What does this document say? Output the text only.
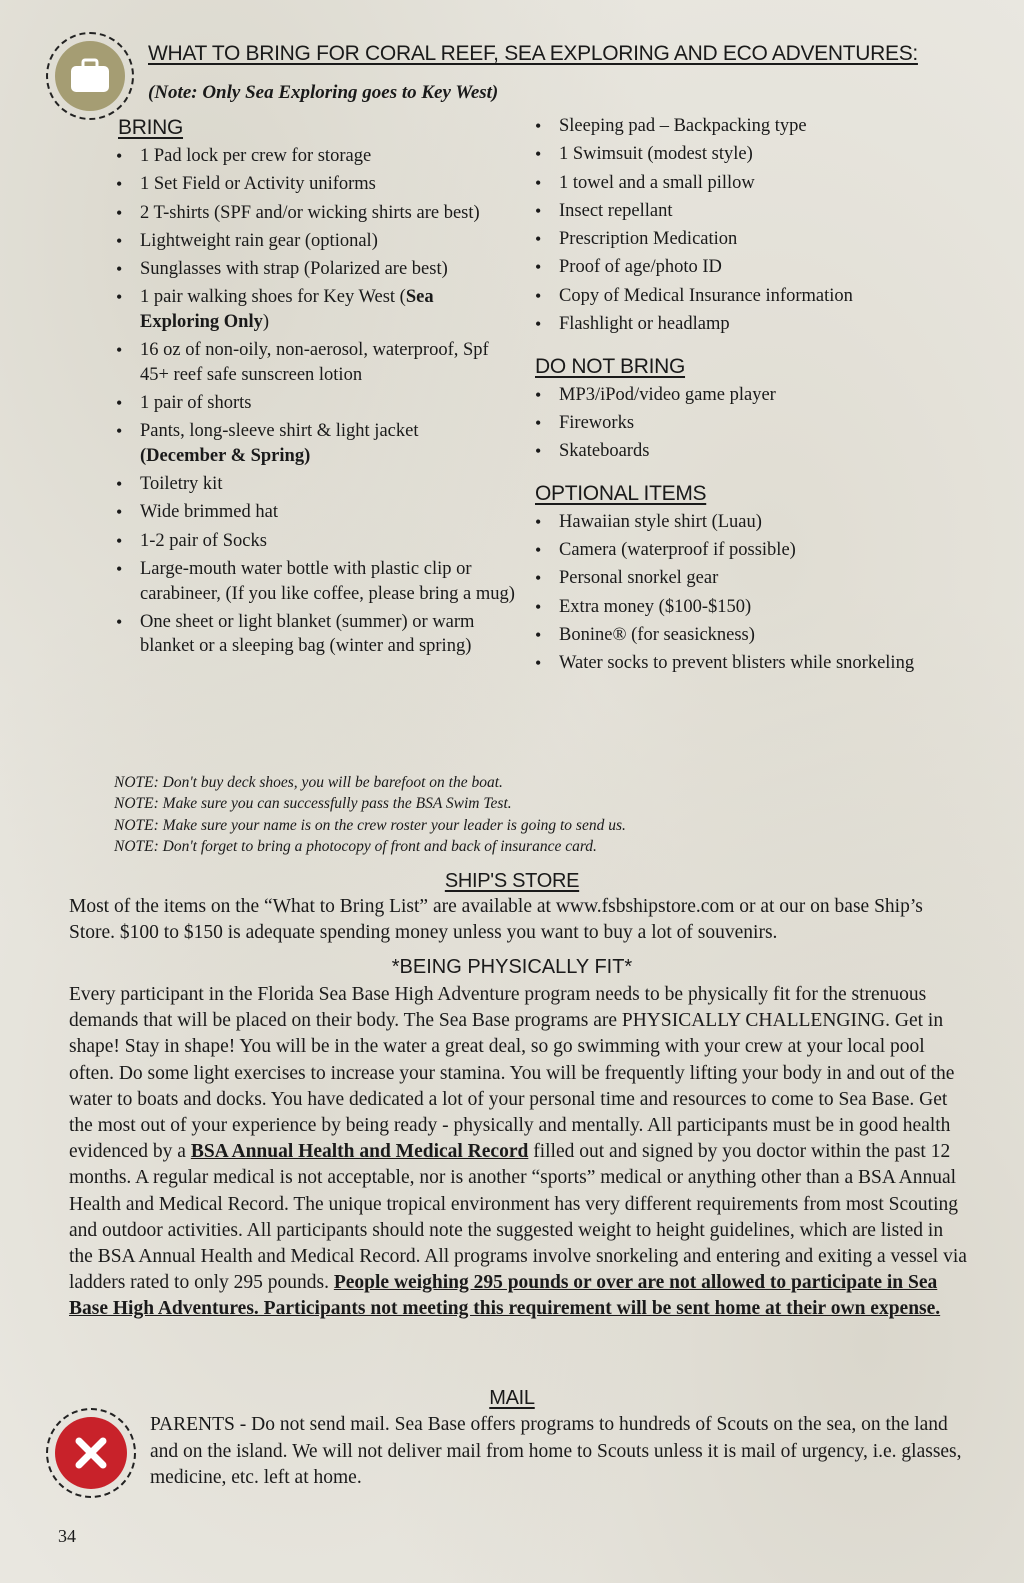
WHAT TO BRING FOR CORAL REEF, SEA EXPLORING AND ECO ADVENTURES:
(Note: Only Sea Exploring goes to Key West)
BRING
• 1 Pad lock per crew for storage
• 1 Set Field or Activity uniforms
• 2 T-shirts (SPF and/or wicking shirts are best)
• Lightweight rain gear (optional)
• Sunglasses with strap (Polarized are best)
• 1 pair walking shoes for Key West (Sea Exploring Only)
• 16 oz of non-oily, non-aerosol, waterproof, Spf 45+ reef safe sunscreen lotion
• 1 pair of shorts
• Pants, long-sleeve shirt & light jacket
(December & Spring)
• Toiletry kit
• Wide brimmed hat
• 1-2 pair of Socks
• Large-mouth water bottle with plastic clip or carabineer, (If you like coffee, please bring a mug)
• One sheet or light blanket (summer) or warm blanket or a sleeping bag (winter and spring)
• Sleeping pad – Backpacking type
• 1 Swimsuit (modest style)
• 1 towel and a small pillow
• Insect repellant
• Prescription Medication
• Proof of age/photo ID
• Copy of Medical Insurance information
• Flashlight or headlamp
DO NOT BRING
• MP3/iPod/video game player
• Fireworks
• Skateboards
OPTIONAL ITEMS
• Hawaiian style shirt (Luau)
• Camera (waterproof if possible)
• Personal snorkel gear
• Extra money ($100-$150)
• Bonine® (for seasickness)
• Water socks to prevent blisters while snorkeling
NOTE: Don't buy deck shoes, you will be barefoot on the boat.
NOTE: Make sure you can successfully pass the BSA Swim Test.
NOTE: Make sure your name is on the crew roster your leader is going to send us.
NOTE: Don't forget to bring a photocopy of front and back of insurance card.
SHIP'S STORE
Most of the items on the “What to Bring List” are available at www.fsbshipstore.com or at our on base Ship’s Store. $100 to $150 is adequate spending money unless you want to buy a lot of souvenirs.
*BEING PHYSICALLY FIT*
Every participant in the Florida Sea Base High Adventure program needs to be physically fit for the strenuous demands that will be placed on their body. The Sea Base programs are PHYSICALLY CHALLENGING. Get in shape! Stay in shape! You will be in the water a great deal, so go swimming with your crew at your local pool often. Do some light exercises to increase your stamina. You will be frequently lifting your body in and out of the water to boats and docks. You have dedicated a lot of your personal time and resources to come to Sea Base. Get the most out of your experience by being ready - physically and mentally. All participants must be in good health evidenced by a BSA Annual Health and Medical Record filled out and signed by you doctor within the past 12 months. A regular medical is not acceptable, nor is another “sports” medical or anything other than a BSA Annual Health and Medical Record. The unique tropical environment has very different requirements from most Scouting and outdoor activities. All participants should note the suggested weight to height guidelines, which are listed in the BSA Annual Health and Medical Record. All programs involve snorkeling and entering and exiting a vessel via ladders rated to only 295 pounds. People weighing 295 pounds or over are not allowed to participate in Sea Base High Adventures. Participants not meeting this requirement will be sent home at their own expense.
MAIL
PARENTS - Do not send mail. Sea Base offers programs to hundreds of Scouts on the sea, on the land and on the island. We will not deliver mail from home to Scouts unless it is mail of urgency, i.e. glasses, medicine, etc. left at home.
34
